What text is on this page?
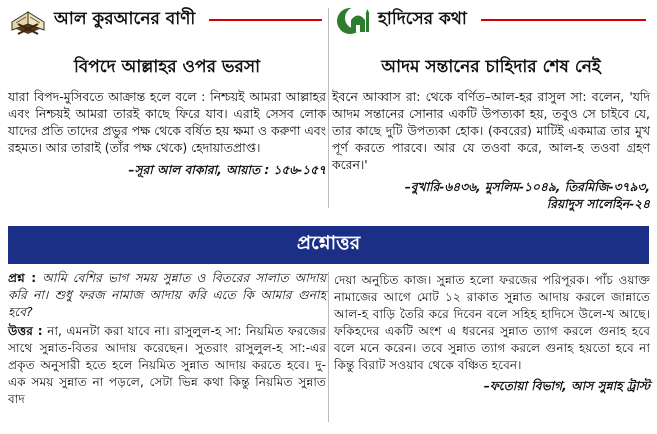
আল কুরআনের বাণী
বিপদে আল্লাহর ওপর ভরসা
যারা বিপদ-মুসিবতে আক্রান্ত হলে বলে : নিশ্চয়ই আমরা আল্লাহর এবং নিশ্চয়ই আমরা তারই কাছে ফিরে যাব। এরাই সেসব লোক যাদের প্রতি তাদের প্রভুর পক্ষ থেকে বর্ষিত হয় ক্ষমা ও করুণা এবং রহমত। আর তারাই (তাঁর পক্ষ থেকে) হেদায়াতপ্রাপ্ত।
–সূরা আল বাকারা, আয়াত : ১৫৬-১৫৭
হাদিসের কথা
আদম সন্তানের চাহিদার শেষ নেই
ইবনে আব্বাস রা: থেকে বর্ণিত–আল-হর রাসুল সা: বলেন, 'যদি আদম সন্তানের সোনার একটি উপত্যকা হয়, তবুও সে চাইবে যে, তার কাছে দুটি উপত্যকা হোক। (কবরের) মাটিই একমাত্র তার মুখ পূর্ণ করতে পারবে। আর যে তওবা করে, আল-হ তওবা গ্রহণ করেন।'
–বুখারি-৬৪৩৬, মুসলিম-১০৪৯, তিরমিজি-৩৭৯৩,
রিয়াদুস সালেহিন-২৪
প্রশ্নোত্তর
প্রশ্ন : আমি বেশির ভাগ সময় সুন্নাত ও বিতরের সালাত আদায় করি না। শুধু ফরজ নামাজ আদায় করি এতে কি আমার গুনাহ হবে?
উত্তর : না, এমনটা করা যাবে না। রাসুলুল-হ সা: নিয়মিত ফরজের সাথে সুন্নাত-বিতর আদায় করেছেন। সুতরাং রাসুলুল-হ সা:-এর প্রকৃত অনুসারী হতে হলে নিয়মিত সুন্নাত আদায় করতে হবে। দু-এক সময় সুন্নাত না পড়লে, সেটা ভিন্ন কথা কিন্তু নিয়মিত সুন্নাত বাদ
দেয়া অনুচিত কাজ। সুন্নাত হলো ফরজের পরিপূরক। পাঁচ ওয়াক্ত নামাজের আগে মোট ১২ রাকাত সুন্নাত আদায় করলে জান্নাতে আল-হ বাড়ি তৈরি করে দিবেন বলে সহিহ হাদিসে উলে-খ আছে। ফকিহদের একটি অংশ এ ধরনের সুন্নাত ত্যাগ করলে গুনাহ হবে বলে মনে করেন। তবে সুন্নাত ত্যাগ করলে গুনাহ হয়তো হবে না কিন্তু বিরাট সওয়াব থেকে বঞ্চিত হবেন।
–ফতোয়া বিভাগ, আস সুন্নাহ ট্রাস্ট
